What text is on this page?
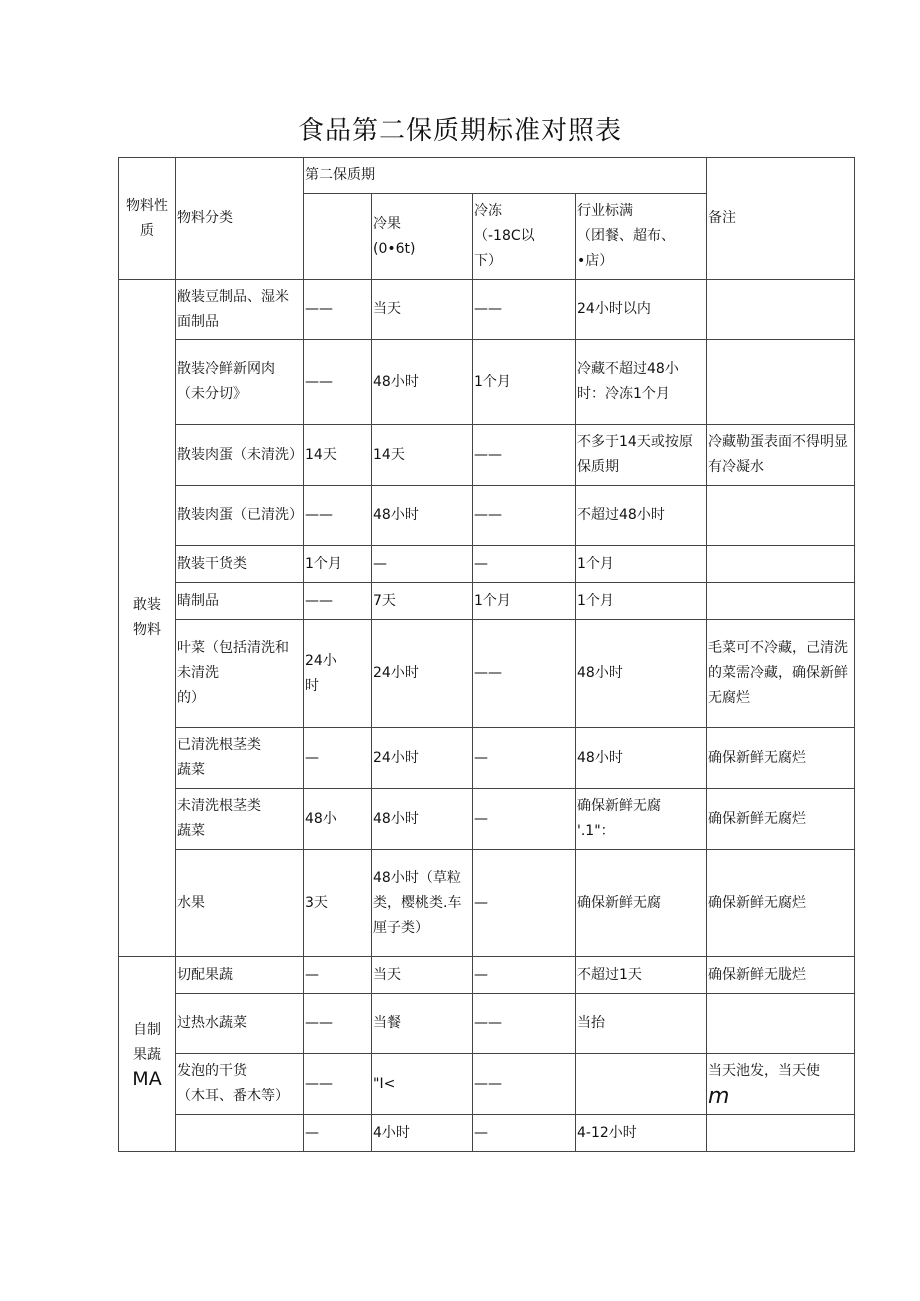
食品第二保质期标准对照表
物料性质	物料分类	第二保质期				备注
			冷果
(0•6t)	冷冻
（-18C以
下）	行业标满
（团餐、超布、
•店）	
敢装
物料	敝装豆制品、湿米面制品	——	当天	——	24小时以内	
	散装冷鲜新网肉（未分切》	——	48小时	1个月	冷藏不超过48小时：冷冻1个月	
	散装肉蛋（未清洗）	14天	14天	——	不多于14天或按原保质期	冷藏勒蛋表面不得明显有冷凝水
	散装肉蛋（已清洗）	——	48小时	——	不超过48小时	
	散装干货类	1个月	—	—	1个月	
	睛制品	——	7天	1个月	1个月	
	叶菜（包括清洗和未清洗
的）	24小
时	24小时	——	48小时	毛菜可不冷藏，己清洗的菜需冷藏，确保新鲜无腐烂
	已清洗根茎类
蔬菜	—	24小时	—	48小时	确保新鲜无腐烂
	未清洗根茎类
蔬菜	48小	48小时	—	确保新鲜无腐
'.1"：	确保新鲜无腐烂
	水果	3天	48小时（草粒类，樱桃类.车厘子类）	—	确保新鲜无腐	确保新鲜无腐烂
自制
果蔬
MA	切配果蔬	—	当天	—	不超过1天	确保新鲜无胧烂
	过热水蔬菜	——	当餐	——	当抬	
	发泡的干货
（木耳、番木等）	——	"I<	——		当天池发，当天使
m
		—	4小时	—	4-12小时	
